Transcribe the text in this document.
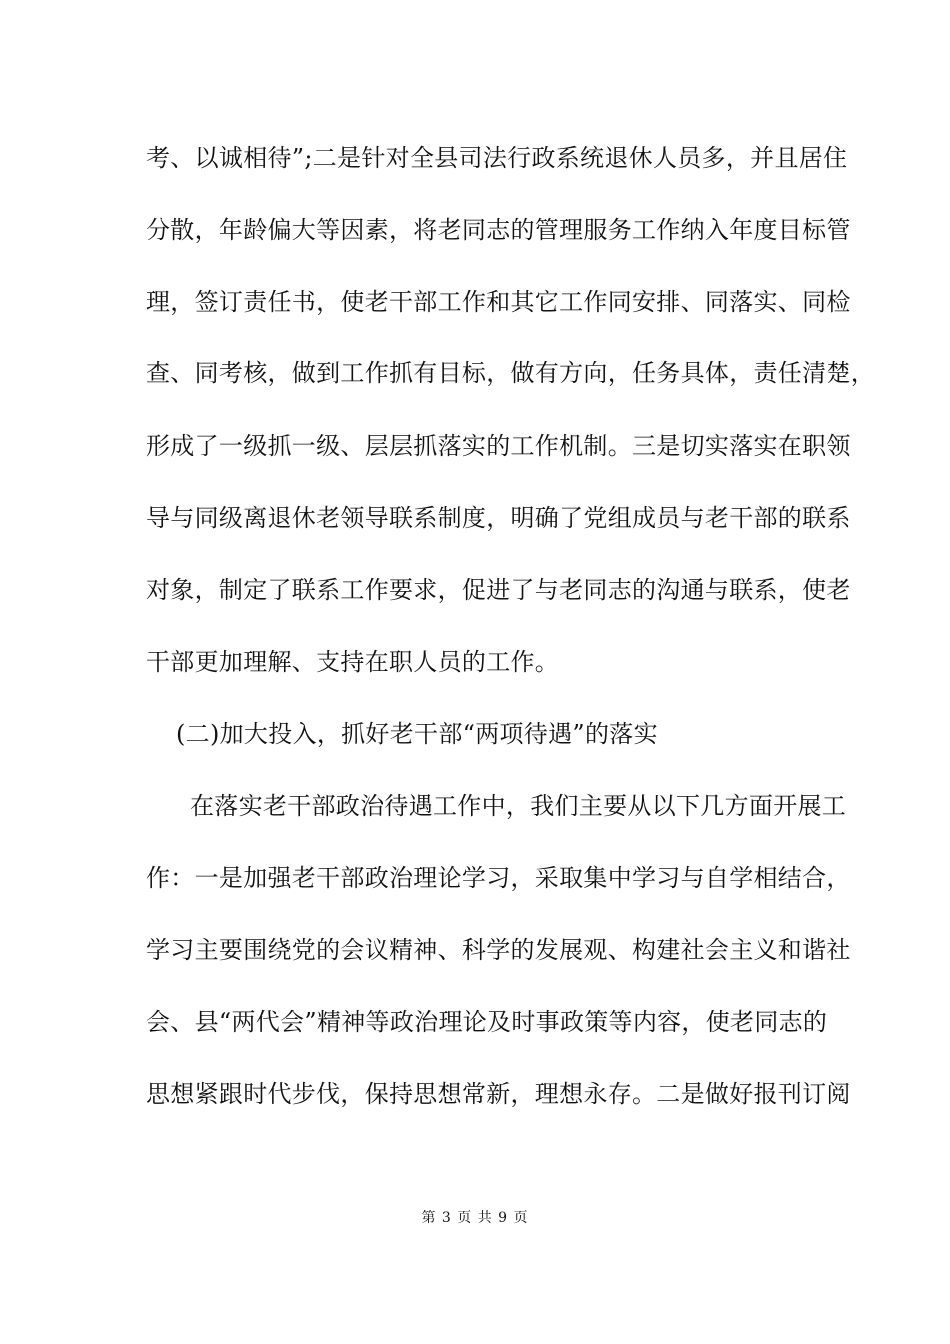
考、以诚相待”;二是针对全县司法行政系统退休人员多，并且居住
分散，年龄偏大等因素，将老同志的管理服务工作纳入年度目标管
理，签订责任书，使老干部工作和其它工作同安排、同落实、同检
查、同考核，做到工作抓有目标，做有方向，任务具体，责任清楚，
形成了一级抓一级、层层抓落实的工作机制。三是切实落实在职领
导与同级离退休老领导联系制度，明确了党组成员与老干部的联系
对象，制定了联系工作要求，促进了与老同志的沟通与联系，使老
干部更加理解、支持在职人员的工作。
(二)加大投入，抓好老干部“两项待遇”的落实
在落实老干部政治待遇工作中，我们主要从以下几方面开展工
作：一是加强老干部政治理论学习，采取集中学习与自学相结合，
学习主要围绕党的会议精神、科学的发展观、构建社会主义和谐社
会、县“两代会”精神等政治理论及时事政策等内容，使老同志的
思想紧跟时代步伐，保持思想常新，理想永存。二是做好报刊订阅
第 3 页 共 9 页
